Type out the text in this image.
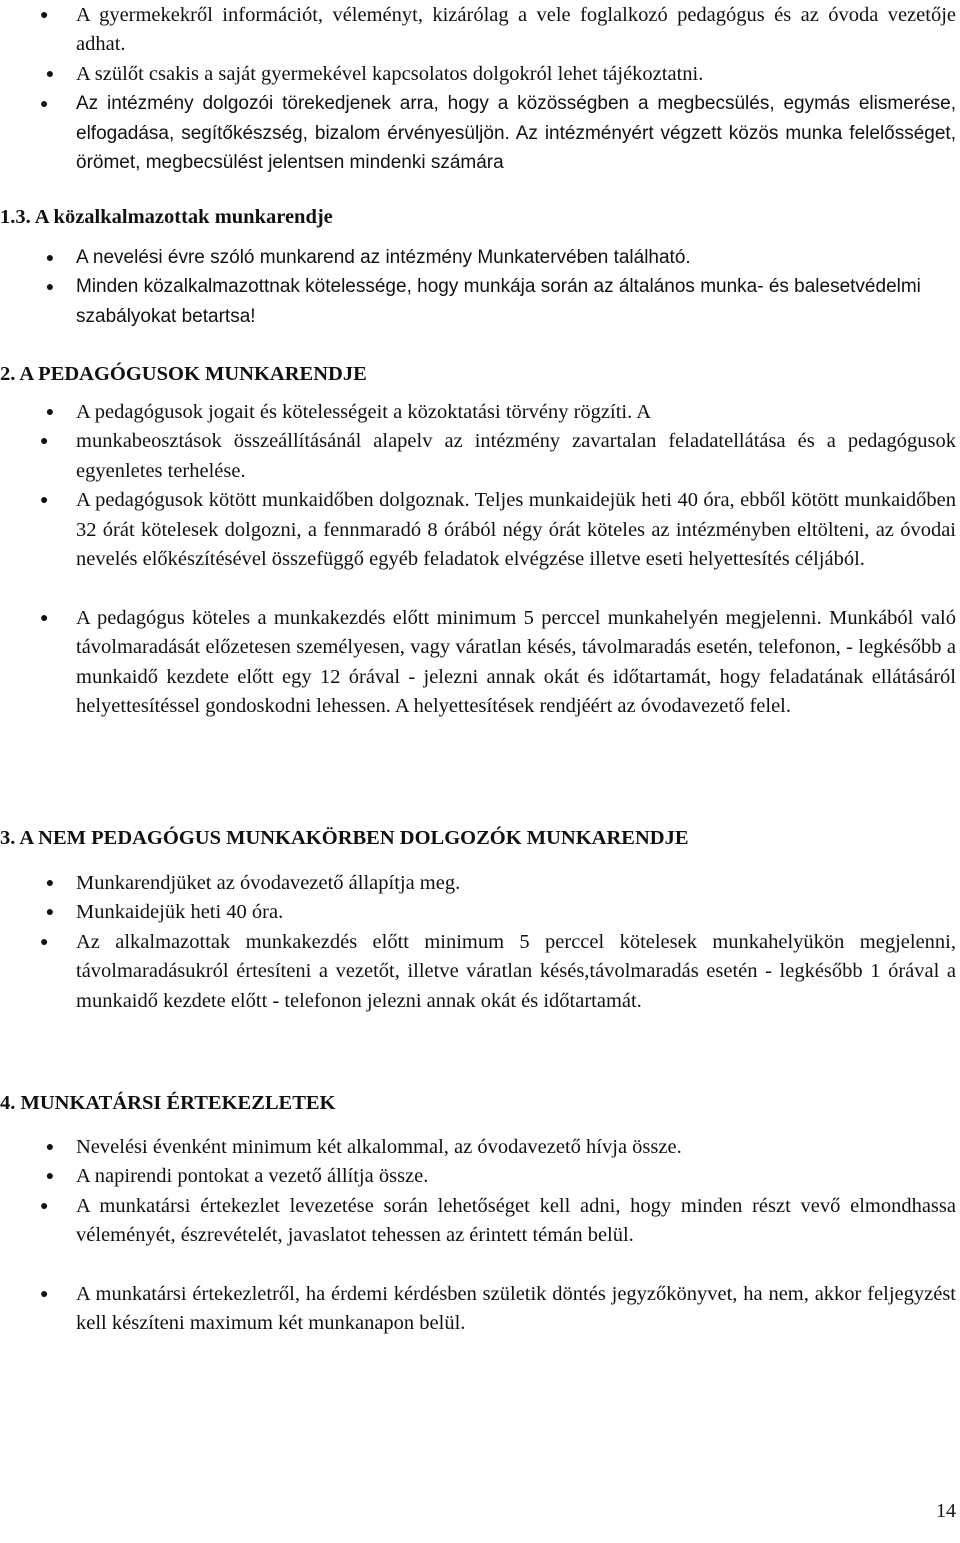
●	A gyermekekről információt, véleményt, kizárólag a vele foglalkozó pedagógus és az óvoda vezetője adhat.
● A szülőt csakis a saját gyermekével kapcsolatos dolgokról lehet tájékoztatni.
●	Az intézmény dolgozói törekedjenek arra, hogy a közösségben a megbecsülés, egymás elismerése, elfogadása, segítőkészség, bizalom érvényesüljön. Az intézményért végzett közös munka felelősséget, örömet, megbecsülést jelentsen mindenki számára
1.3. A közalkalmazottak munkarendje
●	A nevelési évre szóló munkarend az intézmény Munkatervében található.
●	Minden közalkalmazottnak kötelessége, hogy munkája során az általános munka- és balesetvédelmi szabályokat betartsa!
2. A PEDAGÓGUSOK MUNKARENDJE
● A pedagógusok jogait és kötelességeit a közoktatási törvény rögzíti. A
●	munkabeosztások összeállításánál alapelv az intézmény zavartalan feladatellátása és a pedagógusok egyenletes terhelése.
●	A pedagógusok kötött munkaidőben dolgoznak. Teljes munkaidejük heti 40 óra, ebből kötött munkaidőben 32 órát kötelesek dolgozni, a fennmaradó 8 órából négy órát köteles az intézményben eltölteni, az óvodai nevelés előkészítésével összefüggő egyéb feladatok elvégzése illetve eseti helyettesítés céljából.
●	A pedagógus köteles a munkakezdés előtt minimum 5 perccel munkahelyén megjelenni. Munkából való távolmaradását előzetesen személyesen, vagy váratlan késés, távolmaradás esetén, telefonon, - legkésőbb a munkaidő kezdete előtt egy 12 órával - jelezni annak okát és időtartamát, hogy feladatának ellátásáról helyettesítéssel gondoskodni lehessen. A helyettesítések rendjéért az óvodavezető felel.
3. A NEM PEDAGÓGUS MUNKAKÖRBEN DOLGOZÓK MUNKARENDJE
● Munkarendjüket az óvodavezető állapítja meg.
● Munkaidejük heti 40 óra.
●	Az alkalmazottak munkakezdés előtt minimum 5 perccel kötelesek munkahelyükön megjelenni, távolmaradásukról értesíteni a vezetőt, illetve váratlan késés,távolmaradás esetén - legkésőbb 1 órával a munkaidő kezdete előtt - telefonon jelezni annak okát és időtartamát.
4. MUNKATÁRSI ÉRTEKEZLETEK
● Nevelési évenként minimum két alkalommal, az óvodavezető hívja össze.
● A napirendi pontokat a vezető állítja össze.
●	A munkatársi értekezlet levezetése során lehetőséget kell adni, hogy minden részt vevő elmondhassa véleményét, észrevételét, javaslatot tehessen az érintett témán belül.
●	A munkatársi értekezletről, ha érdemi kérdésben születik döntés jegyzőkönyvet, ha nem, akkor feljegyzést kell készíteni maximum két munkanapon belül.
14
